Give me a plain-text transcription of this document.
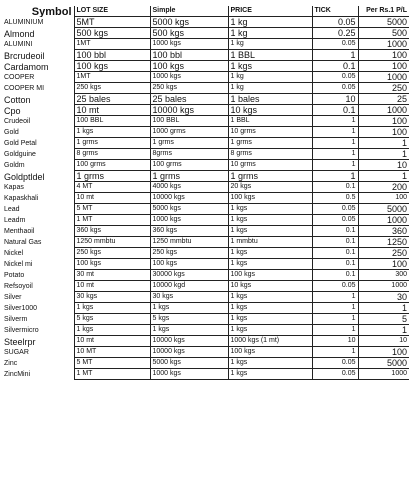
Symbol	LOT SIZE	Simple	PRICE	TICK	Per Rs.1 P/L
ALUMINIUM	5MT	5000 kgs	1 kg	0.05	5000
Almond	500 kgs	500 kgs	1 kg	0.25	500
ALUMINI	1MT	1000 kgs	1 kg	0.05	1000
Brcrudeoil	100 bbl	100 bbl	1 BBL	1	100
Cardamom	100 kgs	100 kgs	1 kgs	0.1	100
COOPER	1MT	1000 kgs	1 kg	0.05	1000
COOPER MI	250 kgs	250 kgs	1 kg	0.05	250
Cotton	25 bales	25 bales	1 bales	10	25
Cpo	10 mt	10000 kgs	10 kgs	0.1	1000
Crudeoil	100 BBL	100 BBL	1 BBL	1	100
Gold	1 kgs	1000 grms	10 grms	1	100
Gold Petal	1 grms	1 grms	1 grms	1	1
Goldguine	8 grms	8grms	8 grms	1	1
Goldm	100 grms	100 grms	10 grms	1	10
Goldptldel	1 grms	1 grms	1 grms	1	1
Kapas	4 MT	4000 kgs	20 kgs	0.1	200
Kapaskhali	10 mt	10000 kgs	100 kgs	0.5	100
Lead	5 MT	5000 kgs	1 kgs	0.05	5000
Leadm	1 MT	1000 kgs	1 kgs	0.05	1000
Menthaoil	360 kgs	360 kgs	1 kgs	0.1	360
Natural Gas	1250 mmbtu	1250 mmbtu	1 mmbtu	0.1	1250
Nickel	250 kgs	250 kgs	1 kgs	0.1	250
Nickel mi	100 kgs	100 kgs	1 kgs	0.1	100
Potato	30 mt	30000 kgs	100 kgs	0.1	300
Refsoyoil	10 mt	10000 kgd	10 kgs	0.05	1000
Silver	30 kgs	30 kgs	1 kgs	1	30
Silver1000	1 kgs	1 kgs	1 kgs	1	1
Silverm	5 kgs	5 kgs	1 kgs	1	5
Silvermicro	1 kgs	1 kgs	1 kgs	1	1
Steelrpr	10 mt	10000 kgs	1000 kgs (1 mt)	10	10
SUGAR	10 MT	10000 kgs	100 kgs	1	100
Zinc	5 MT	5000 kgs	1 kgs	0.05	5000
ZincMini	1 MT	1000 kgs	1 kgs	0.05	1000
